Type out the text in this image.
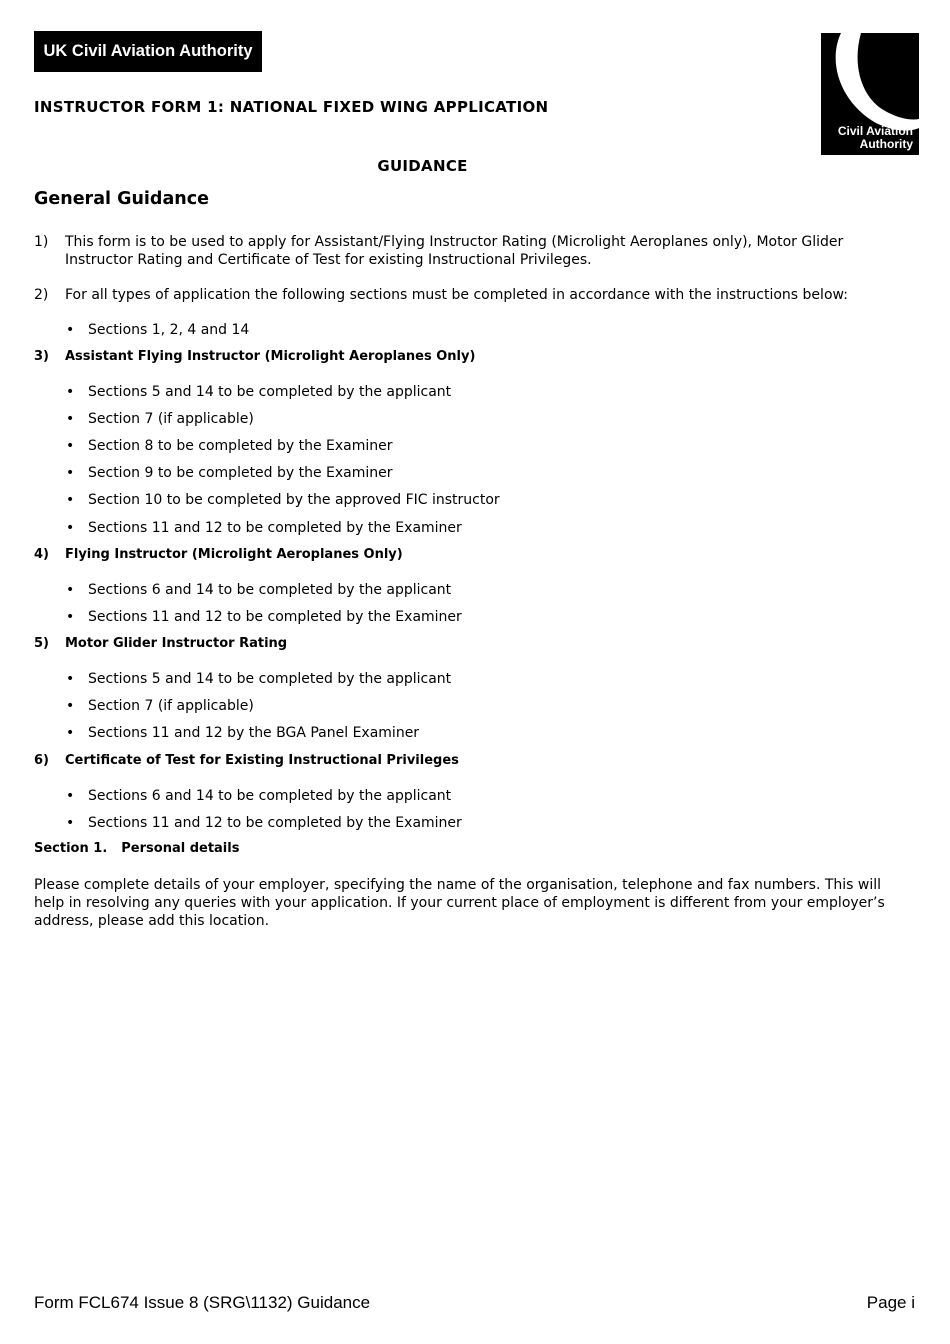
UK Civil Aviation Authority
Civil Aviation
Authority
INSTRUCTOR FORM 1: NATIONAL FIXED WING APPLICATION
GUIDANCE
General Guidance
1) This form is to be used to apply for Assistant/Flying Instructor Rating (Microlight Aeroplanes only), Motor Glider Instructor Rating and Certificate of Test for existing Instructional Privileges.
2) For all types of application the following sections must be completed in accordance with the instructions below:
• Sections 1, 2, 4 and 14
3) Assistant Flying Instructor (Microlight Aeroplanes Only)
• Sections 5 and 14 to be completed by the applicant
• Section 7 (if applicable)
• Section 8 to be completed by the Examiner
• Section 9 to be completed by the Examiner
• Section 10 to be completed by the approved FIC instructor
• Sections 11 and 12 to be completed by the Examiner
4) Flying Instructor (Microlight Aeroplanes Only)
• Sections 6 and 14 to be completed by the applicant
• Sections 11 and 12 to be completed by the Examiner
5) Motor Glider Instructor Rating
• Sections 5 and 14 to be completed by the applicant
• Section 7 (if applicable)
• Sections 11 and 12 by the BGA Panel Examiner
6) Certificate of Test for Existing Instructional Privileges
• Sections 6 and 14 to be completed by the applicant
• Sections 11 and 12 to be completed by the Examiner
Section 1. Personal details
Please complete details of your employer, specifying the name of the organisation, telephone and fax numbers. This will help in resolving any queries with your application. If your current place of employment is different from your employer’s address, please add this location.
Form FCL674 Issue 8 (SRG\1132) Guidance	Page i
